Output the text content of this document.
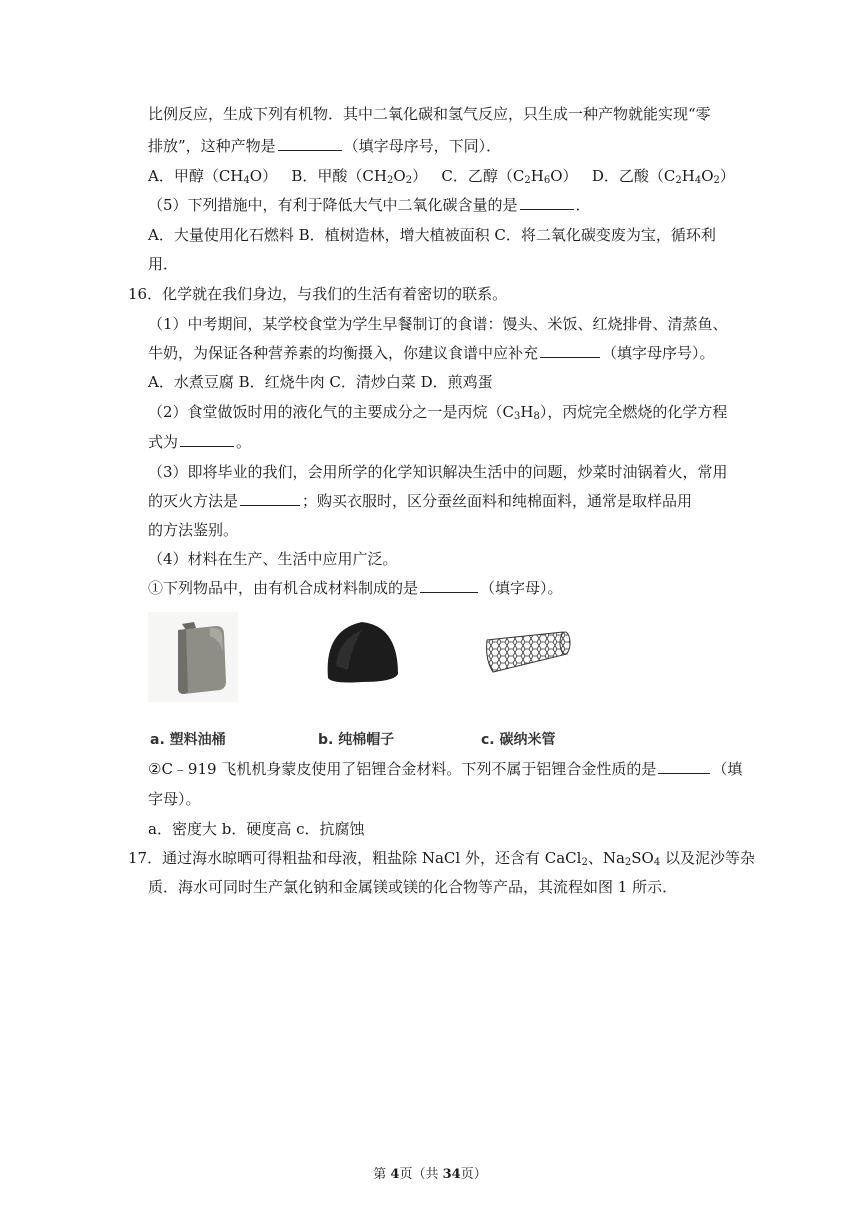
比例反应，生成下列有机物．其中二氧化碳和氢气反应，只生成一种产物就能实现“零
排放”，这种产物是	（填字母序号，下同）．
A．甲醇$(CH_4O)$ B．甲酸$(CH_2O_2)$ C．乙醇$(C_2H_6O)$ D．乙酸$(C_2H_4O_2)$
（5）下列措施中，有利于降低大气中二氧化碳含量的是	．
A．大量使用化石燃料 B．植树造林，增大植被面积 C．将二氧化碳变废为宝，循环利
用．
16．化学就在我们身边，与我们的生活有着密切的联系。
（1）中考期间，某学校食堂为学生早餐制订的食谱：馒头、米饭、红烧排骨、清蒸鱼、
牛奶，为保证各种营养素的均衡摄入，你建议食谱中应补充	（填字母序号）。
A．水煮豆腐 B．红烧牛肉 C．清炒白菜 D．煎鸡蛋
（2）食堂做饭时用的液化气的主要成分之一是丙烷$(C_3H_8)$，丙烷完全燃烧的化学方程
式为	。
（3）即将毕业的我们，会用所学的化学知识解决生活中的问题，炒菜时油锅着火，常用
的灭火方法是	；购买衣服时，区分蚕丝面料和纯棉面料，通常是取样品用
的方法鉴别。
（4）材料在生产、生活中应用广泛。
①下列物品中，由有机合成材料制成的是	（填字母）。
a. 塑料油桶	b. 纯棉帽子	c. 碳纳米管
②C﹣919 飞机机身蒙皮使用了铝锂合金材料。下列不属于铝锂合金性质的是	（填
字母）。
a．密度大 b．硬度高 c．抗腐蚀
17．通过海水晾晒可得粗盐和母液，粗盐除 NaCl 外，还含有 CaCl$_2$、$Na_2SO_4$ 以及泥沙等杂
质．海水可同时生产氯化钠和金属镁或镁的化合物等产品，其流程如图 1 所示．
第 4页（共 34页）
